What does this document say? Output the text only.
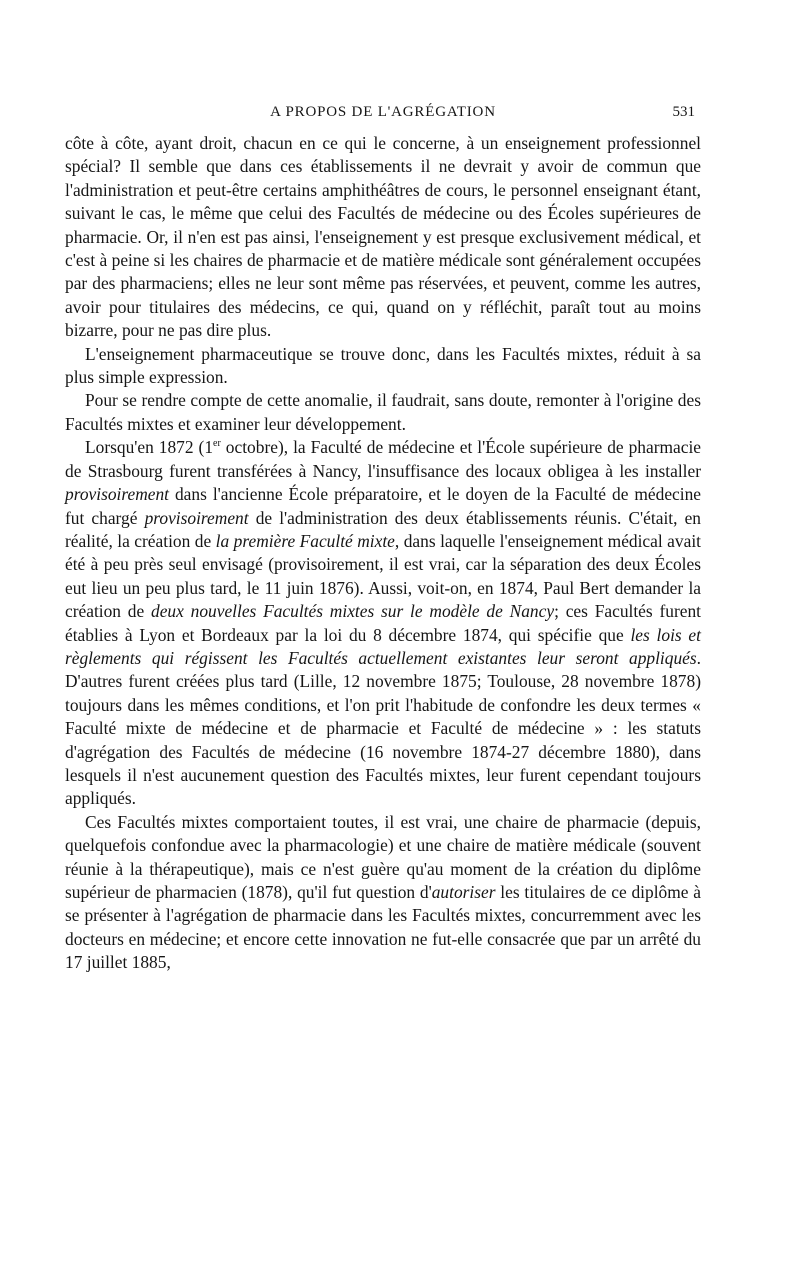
A PROPOS DE L'AGRÉGATION	531

côte à côte, ayant droit, chacun en ce qui le concerne, à un enseignement professionnel spécial? Il semble que dans ces établissements il ne devrait y avoir de commun que l'administration et peut-être certains amphithéâtres de cours, le personnel enseignant étant, suivant le cas, le même que celui des Facultés de médecine ou des Écoles supérieures de pharmacie. Or, il n'en est pas ainsi, l'enseignement y est presque exclusivement médical, et c'est à peine si les chaires de pharmacie et de matière médicale sont généralement occupées par des pharmaciens; elles ne leur sont même pas réservées, et peuvent, comme les autres, avoir pour titulaires des médecins, ce qui, quand on y réfléchit, paraît tout au moins bizarre, pour ne pas dire plus.

L'enseignement pharmaceutique se trouve donc, dans les Facultés mixtes, réduit à sa plus simple expression.

Pour se rendre compte de cette anomalie, il faudrait, sans doute, remonter à l'origine des Facultés mixtes et examiner leur développement.

Lorsqu'en 1872 (1er octobre), la Faculté de médecine et l'École supérieure de pharmacie de Strasbourg furent transférées à Nancy, l'insuffisance des locaux obligea à les installer provisoirement dans l'ancienne École préparatoire, et le doyen de la Faculté de médecine fut chargé provisoirement de l'administration des deux établissements réunis. C'était, en réalité, la création de la première Faculté mixte, dans laquelle l'enseignement médical avait été à peu près seul envisagé (provisoirement, il est vrai, car la séparation des deux Écoles eut lieu un peu plus tard, le 11 juin 1876). Aussi, voit-on, en 1874, Paul Bert demander la création de deux nouvelles Facultés mixtes sur le modèle de Nancy; ces Facultés furent établies à Lyon et Bordeaux par la loi du 8 décembre 1874, qui spécifie que les lois et règlements qui régissent les Facultés actuellement existantes leur seront appliqués. D'autres furent créées plus tard (Lille, 12 novembre 1875; Toulouse, 28 novembre 1878) toujours dans les mêmes conditions, et l'on prit l'habitude de confondre les deux termes « Faculté mixte de médecine et de pharmacie et Faculté de médecine » : les statuts d'agrégation des Facultés de médecine (16 novembre 1874-27 décembre 1880), dans lesquels il n'est aucunement question des Facultés mixtes, leur furent cependant toujours appliqués.

Ces Facultés mixtes comportaient toutes, il est vrai, une chaire de pharmacie (depuis, quelquefois confondue avec la pharmacologie) et une chaire de matière médicale (souvent réunie à la thérapeutique), mais ce n'est guère qu'au moment de la création du diplôme supérieur de pharmacien (1878), qu'il fut question d'autoriser les titulaires de ce diplôme à se présenter à l'agrégation de pharmacie dans les Facultés mixtes, concurremment avec les docteurs en médecine; et encore cette innovation ne fut-elle consacrée que par un arrêté du 17 juillet 1885,
